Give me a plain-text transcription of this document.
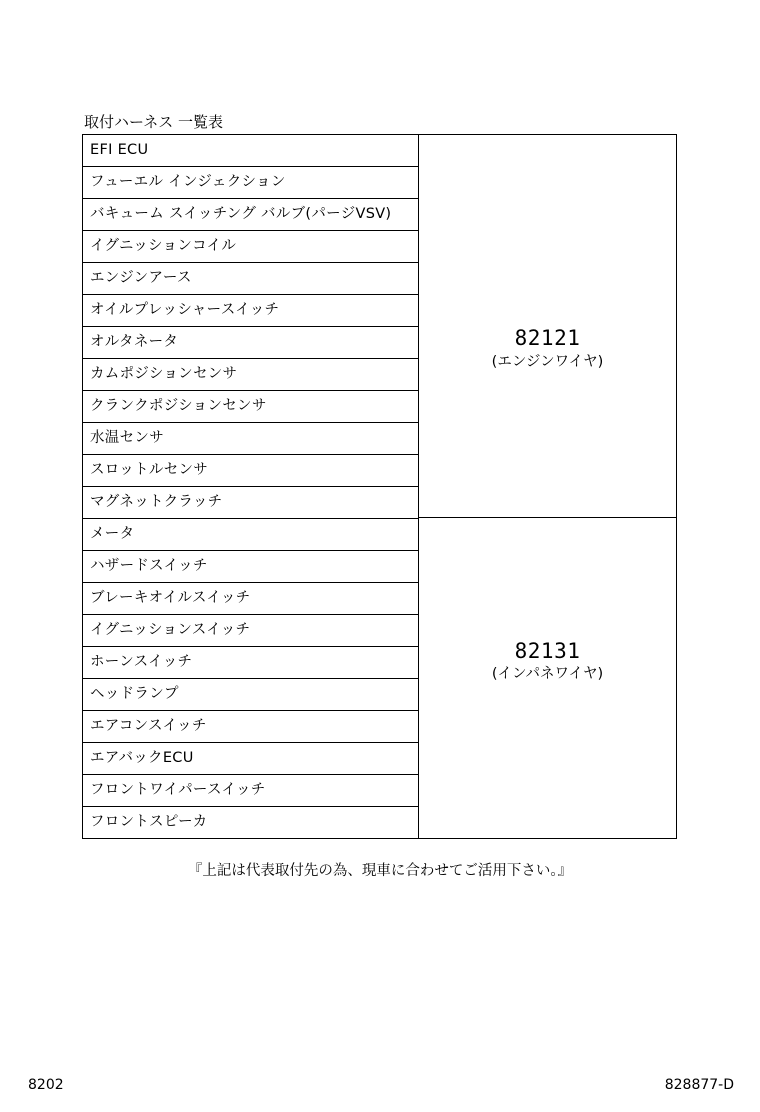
取付ハーネス 一覧表
EFI ECU
フューエル インジェクション
バキューム スイッチング バルブ(パージVSV)
イグニッションコイル
エンジンアース
オイルプレッシャースイッチ
オルタネータ
カムポジションセンサ
クランクポジションセンサ
水温センサ
スロットルセンサ
マグネットクラッチ
メータ
ハザードスイッチ
ブレーキオイルスイッチ
イグニッションスイッチ
ホーンスイッチ
ヘッドランプ
エアコンスイッチ
エアバックECU
フロントワイパースイッチ
フロントスピーカ
82121
(エンジンワイヤ)
82131
(インパネワイヤ)
『上記は代表取付先の為、現車に合わせてご活用下さい。』
8202	828877-D
